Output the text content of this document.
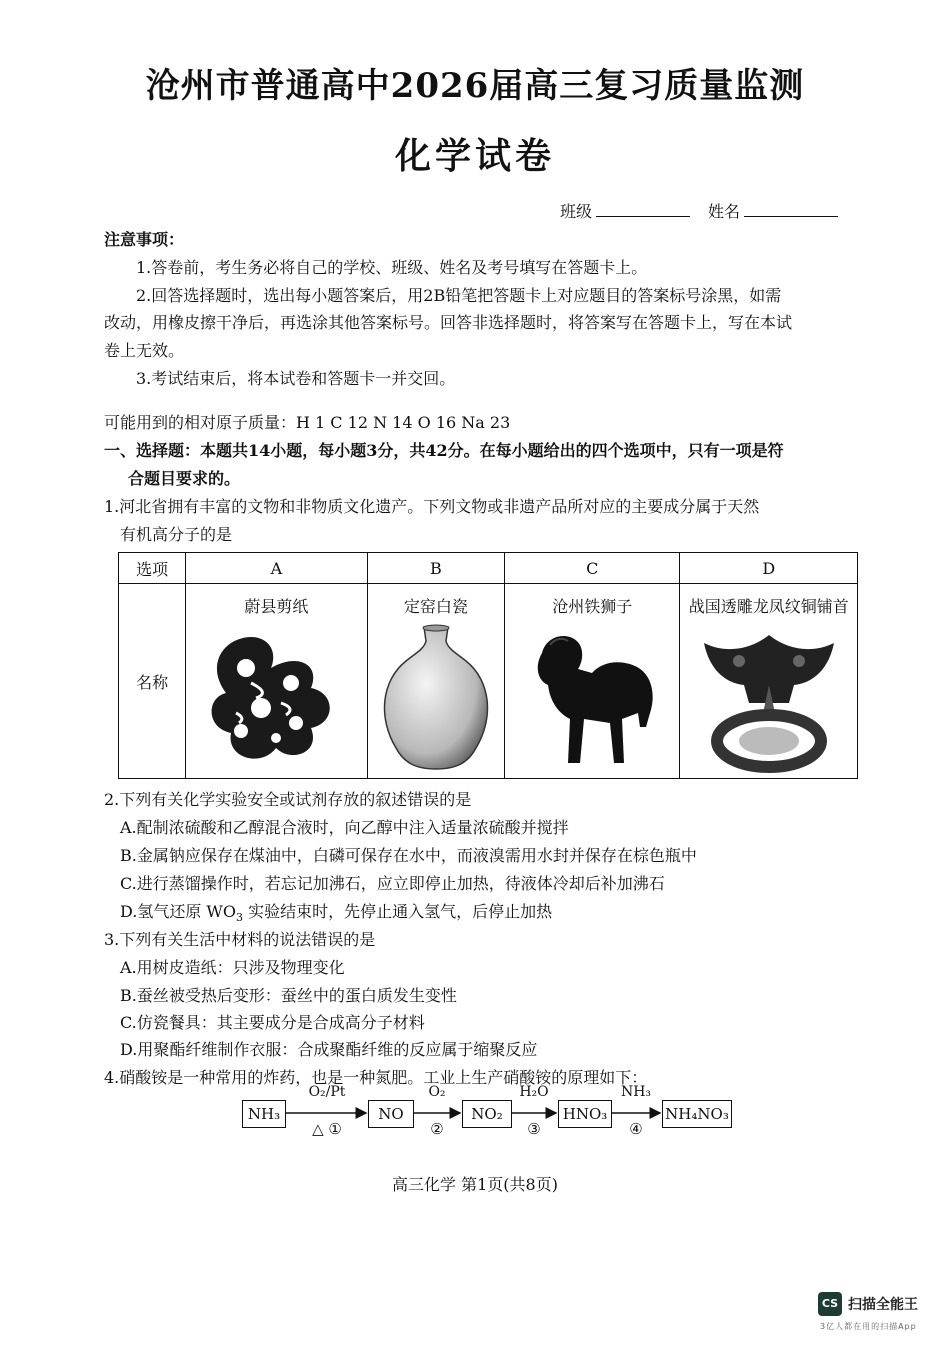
沧州市普通高中2026届高三复习质量监测
化学试卷
班级	姓名
注意事项：
1.答卷前，考生务必将自己的学校、班级、姓名及考号填写在答题卡上。
2.回答选择题时，选出每小题答案后，用2B铅笔把答题卡上对应题目的答案标号涂黑，如需
改动，用橡皮擦干净后，再选涂其他答案标号。回答非选择题时，将答案写在答题卡上，写在本试
卷上无效。
3.考试结束后，将本试卷和答题卡一并交回。
可能用到的相对原子质量：H 1 C 12 N 14 O 16 Na 23
一、选择题：本题共14小题，每小题3分，共42分。在每小题给出的四个选项中，只有一项是符
合题目要求的。
1.河北省拥有丰富的文物和非物质文化遗产。下列文物或非遗产品所对应的主要成分属于天然
有机高分子的是
选项	A	B	C	D
名称	蔚县剪纸	定窑白瓷	沧州铁狮子	战国透雕龙凤纹铜铺首
2.下列有关化学实验安全或试剂存放的叙述错误的是
A.配制浓硫酸和乙醇混合液时，向乙醇中注入适量浓硫酸并搅拌
B.金属钠应保存在煤油中，白磷可保存在水中，而液溴需用水封并保存在棕色瓶中
C.进行蒸馏操作时，若忘记加沸石，应立即停止加热，待液体冷却后补加沸石
D.氢气还原 $WO_3$ 实验结束时，先停止通入氢气，后停止加热
3.下列有关生活中材料的说法错误的是
A.用树皮造纸：只涉及物理变化
B.蚕丝被受热后变形：蚕丝中的蛋白质发生变性
C.仿瓷餐具：其主要成分是合成高分子材料
D.用聚酯纤维制作衣服：合成聚酯纤维的反应属于缩聚反应
4.硝酸铵是一种常用的炸药，也是一种氮肥。工业上生产硝酸铵的原理如下：
NH₃	NO	NO₂	HNO₃	NH₄NO₃
O₂/Pt
△ ①
O₂
②
H₂O
③
NH₃
④
高三化学 第1页(共8页)
CS 扫描全能王
3亿人都在用的扫描App
